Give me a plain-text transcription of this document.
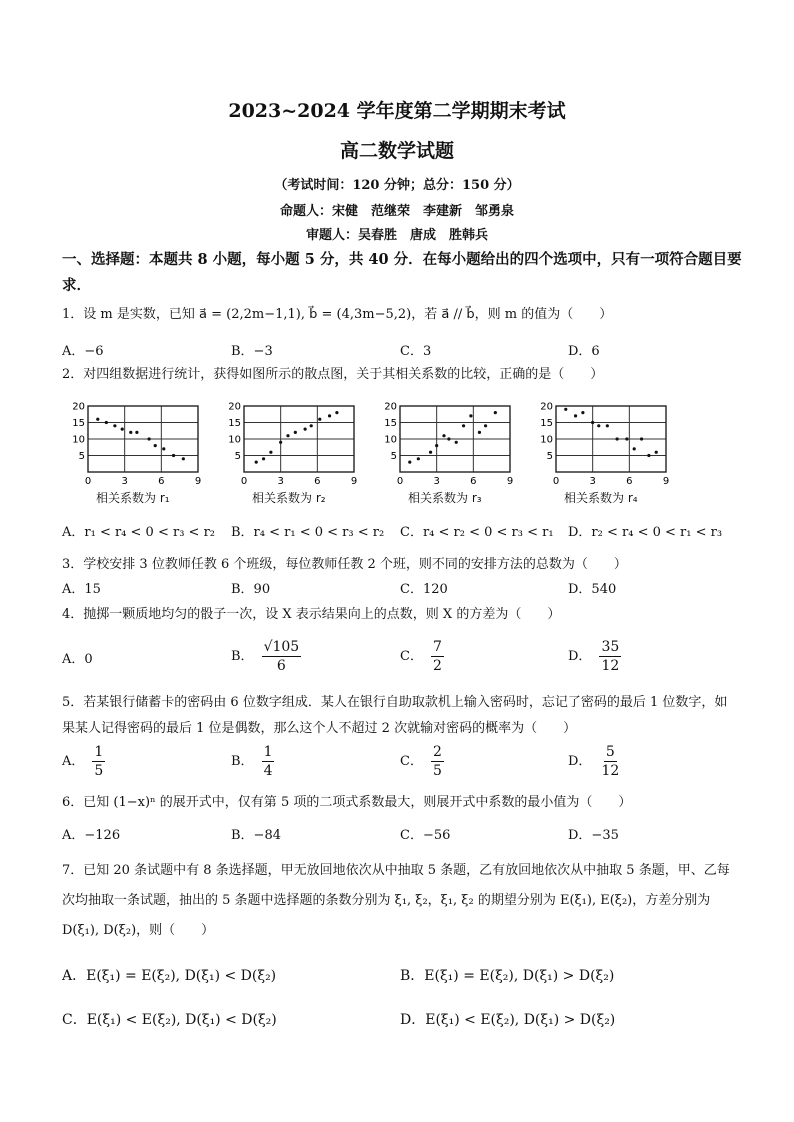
2023~2024 学年度第二学期期末考试
高二数学试题
（考试时间：120 分钟；总分：150 分）
命题人：宋健　范继荣　李建新　邹勇泉
审题人：吴春胜　唐成　胜韩兵
一、选择题：本题共 8 小题，每小题 5 分，共 40 分．在每小题给出的四个选项中，只有一项符合题目要求．
1．设 m 是实数，已知 a⃗ = (2,2m−1,1), b⃗ = (4,3m−5,2)，若 a⃗ // b⃗，则 m 的值为（　　）
A．−6	B．−3	C．3	D．6
2．对四组数据进行统计，获得如图所示的散点图，关于其相关系数的比较，正确的是（　　）
5
10
15
20
0	3	6	9
5
10
15
20
0	3	6	9
5
10
15
20
0	3	6	9
5
10
15
20
0	3	6	9
相关系数为 r₁	相关系数为 r₂	相关系数为 r₃	相关系数为 r₄
A．r₁ < r₄ < 0 < r₃ < r₂ B．r₄ < r₁ < 0 < r₃ < r₂ C．r₄ < r₂ < 0 < r₃ < r₁ D．r₂ < r₄ < 0 < r₁ < r₃
3．学校安排 3 位教师任教 6 个班级，每位教师任教 2 个班，则不同的安排方法的总数为（　　）
A．15	B．90	C．120	D．540
4．抛掷一颗质地均匀的骰子一次，设 X 表示结果向上的点数，则 X 的方差为（　　）
A．0	B． $\frac{√105}{6}$	C． $\frac{7}{2}$	D． $\frac{35}{12}$
5．若某银行储蓄卡的密码由 6 位数字组成．某人在银行自助取款机上输入密码时，忘记了密码的最后 1 位数字，如果某人记得密码的最后 1 位是偶数，那么这个人不超过 2 次就输对密码的概率为（　　）
A． $\frac{1}{5}$	B． $\frac{1}{4}$	C． $\frac{2}{5}$	D． $\frac{5}{12}$
6．已知 (1−x)ⁿ 的展开式中，仅有第 5 项的二项式系数最大，则展开式中系数的最小值为（　　）
A．−126	B．−84	C．−56	D．−35
7．已知 20 条试题中有 8 条选择题，甲无放回地依次从中抽取 5 条题，乙有放回地依次从中抽取 5 条题，甲、乙每次均抽取一条试题，抽出的 5 条题中选择题的条数分别为 ξ₁, ξ₂，ξ₁, ξ₂ 的期望分别为 E(ξ₁), E(ξ₂)，方差分别为 D(ξ₁), D(ξ₂)，则（　　）
A．E(ξ₁) = E(ξ₂), D(ξ₁) < D(ξ₂)	B．E(ξ₁) = E(ξ₂), D(ξ₁) > D(ξ₂)
C．E(ξ₁) < E(ξ₂), D(ξ₁) < D(ξ₂)	D．E(ξ₁) < E(ξ₂), D(ξ₁) > D(ξ₂)
